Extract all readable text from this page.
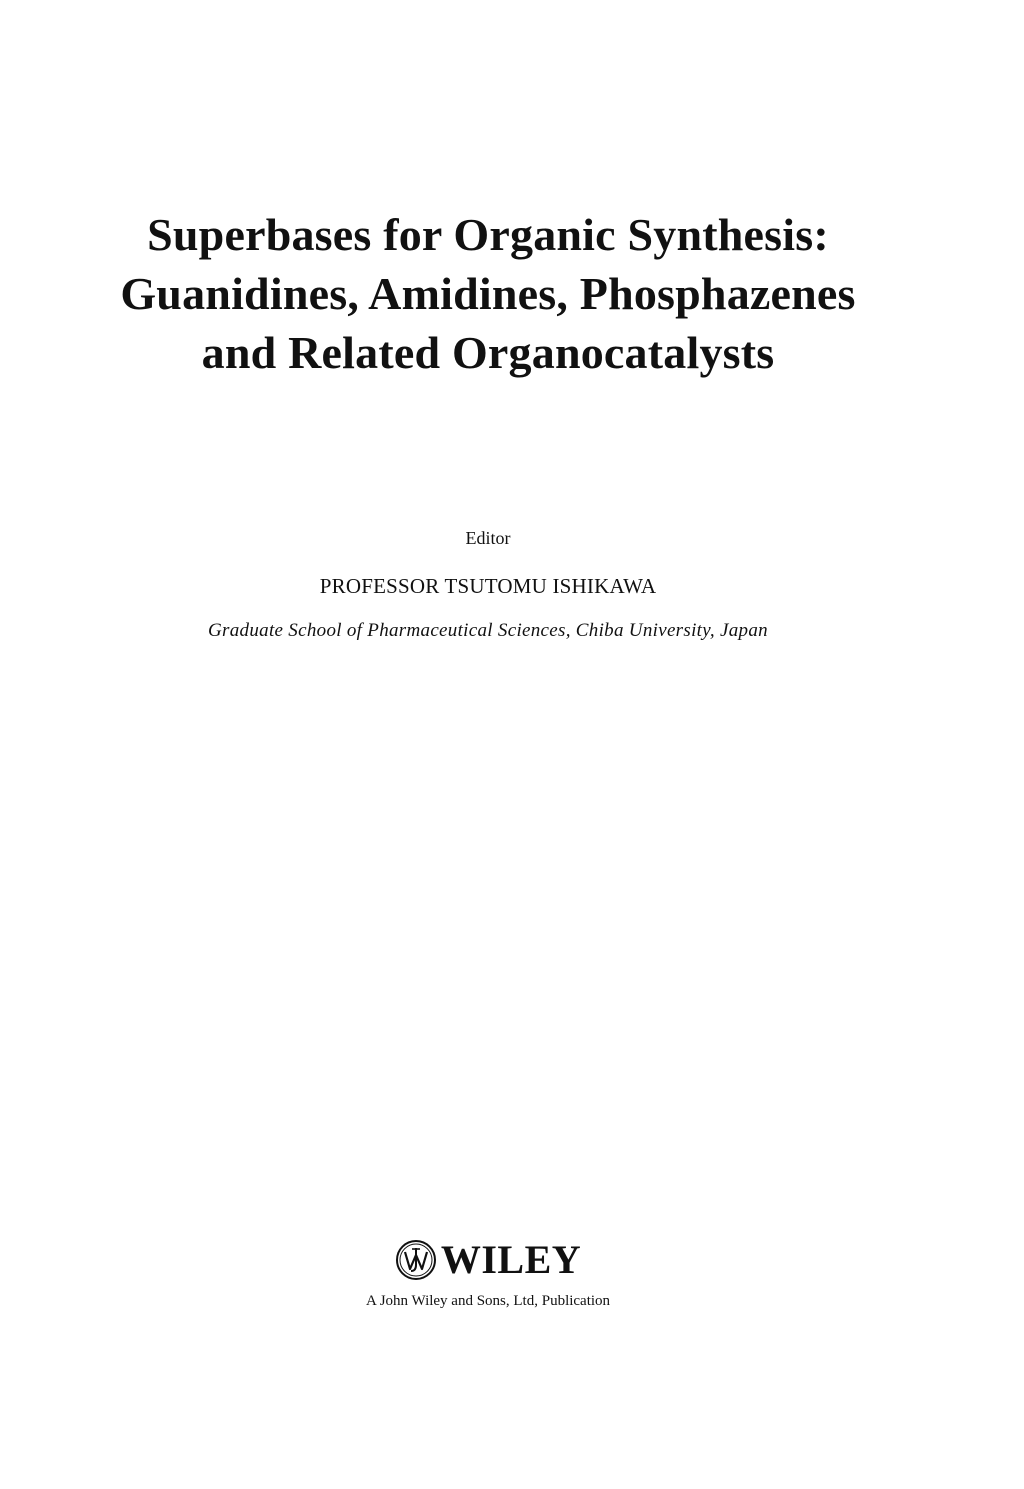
Superbases for Organic Synthesis:
Guanidines, Amidines, Phosphazenes
and Related Organocatalysts
Editor
PROFESSOR TSUTOMU ISHIKAWA
Graduate School of Pharmaceutical Sciences, Chiba University, Japan
WILEY
A John Wiley and Sons, Ltd, Publication
